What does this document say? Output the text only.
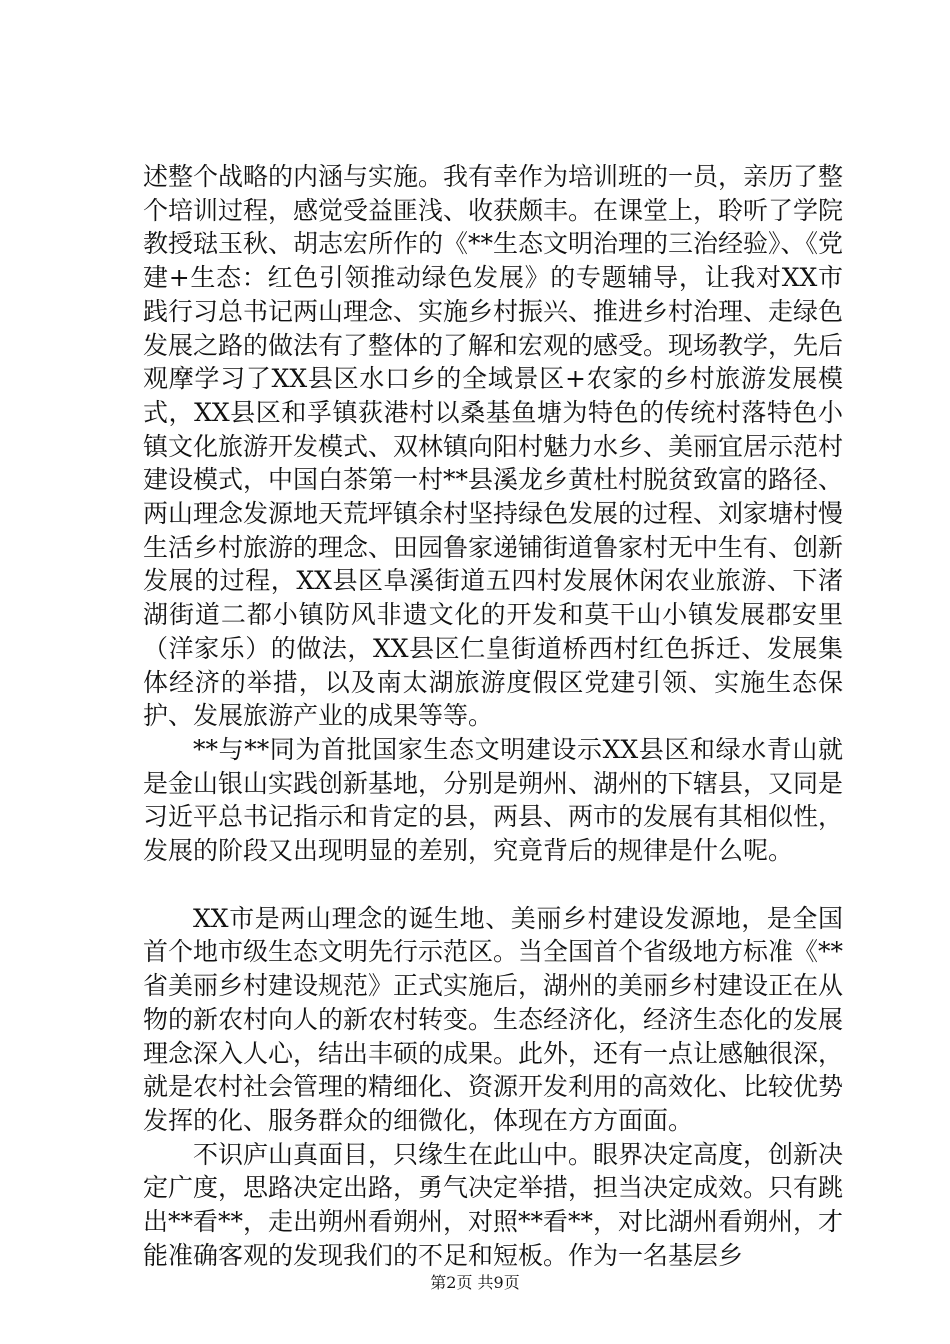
述整个战略的内涵与实施。我有幸作为培训班的一员，亲历了整个培训过程，感觉受益匪浅、收获颇丰。在课堂上，聆听了学院教授琺玉秋、胡志宏所作的《**生态文明治理的三治经验》、《党建+生态：红色引领推动绿色发展》的专题辅导，让我对XX市践行习总书记两山理念、实施乡村振兴、推进乡村治理、走绿色发展之路的做法有了整体的了解和宏观的感受。现场教学，先后观摩学习了XX县区水口乡的全域景区+农家的乡村旅游发展模式，XX县区和孚镇荻港村以桑基鱼塘为特色的传统村落特色小镇文化旅游开发模式、双林镇向阳村魅力水乡、美丽宜居示范村建设模式，中国白茶第一村**县溪龙乡黄杜村脱贫致富的路径、两山理念发源地天荒坪镇余村坚持绿色发展的过程、刘家塘村慢生活乡村旅游的理念、田园鲁家递铺街道鲁家村无中生有、创新发展的过程，XX县区阜溪街道五四村发展休闲农业旅游、下渚湖街道二都小镇防风非遗文化的开发和莫干山小镇发展郡安里（洋家乐）的做法，XX县区仁皇街道桥西村红色拆迁、发展集体经济的举措，以及南太湖旅游度假区党建引领、实施生态保护、发展旅游产业的成果等等。

**与**同为首批国家生态文明建设示XX县区和绿水青山就是金山银山实践创新基地，分别是朔州、湖州的下辖县，又同是习近平总书记指示和肯定的县，两县、两市的发展有其相似性，发展的阶段又出现明显的差别，究竟背后的规律是什么呢。

XX市是两山理念的诞生地、美丽乡村建设发源地，是全国首个地市级生态文明先行示范区。当全国首个省级地方标准《**省美丽乡村建设规范》正式实施后，湖州的美丽乡村建设正在从物的新农村向人的新农村转变。生态经济化，经济生态化的发展理念深入人心，结出丰硕的成果。此外，还有一点让感触很深，就是农村社会管理的精细化、资源开发利用的高效化、比较优势发挥的化、服务群众的细微化，体现在方方面面。

不识庐山真面目，只缘生在此山中。眼界决定高度，创新决定广度，思路决定出路，勇气决定举措，担当决定成效。只有跳出**看**，走出朔州看朔州，对照**看**，对比湖州看朔州，才能准确客观的发现我们的不足和短板。作为一名基层乡

第2页 共9页
